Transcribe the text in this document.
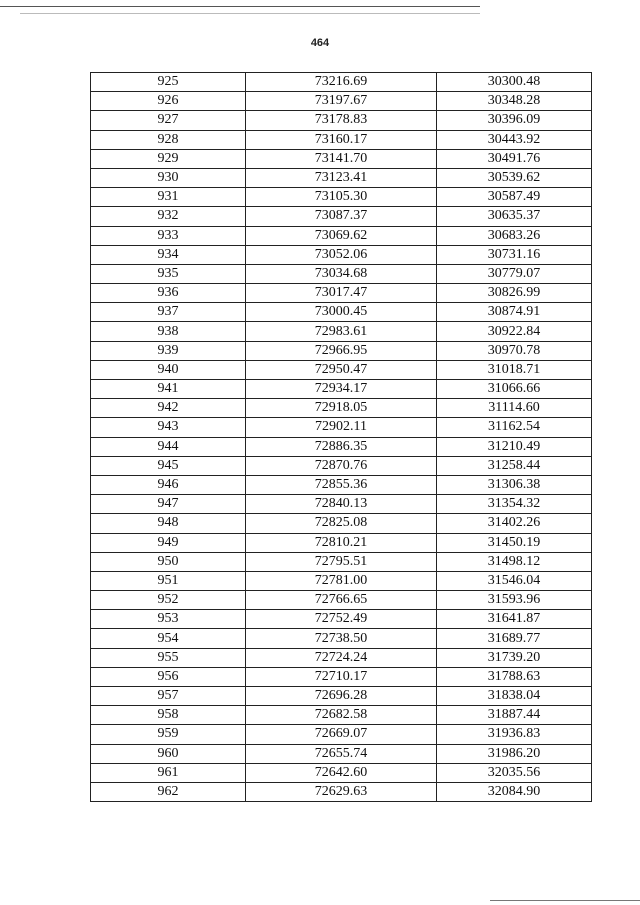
464
925	73216.69	30300.48
926	73197.67	30348.28
927	73178.83	30396.09
928	73160.17	30443.92
929	73141.70	30491.76
930	73123.41	30539.62
931	73105.30	30587.49
932	73087.37	30635.37
933	73069.62	30683.26
934	73052.06	30731.16
935	73034.68	30779.07
936	73017.47	30826.99
937	73000.45	30874.91
938	72983.61	30922.84
939	72966.95	30970.78
940	72950.47	31018.71
941	72934.17	31066.66
942	72918.05	31114.60
943	72902.11	31162.54
944	72886.35	31210.49
945	72870.76	31258.44
946	72855.36	31306.38
947	72840.13	31354.32
948	72825.08	31402.26
949	72810.21	31450.19
950	72795.51	31498.12
951	72781.00	31546.04
952	72766.65	31593.96
953	72752.49	31641.87
954	72738.50	31689.77
955	72724.24	31739.20
956	72710.17	31788.63
957	72696.28	31838.04
958	72682.58	31887.44
959	72669.07	31936.83
960	72655.74	31986.20
961	72642.60	32035.56
962	72629.63	32084.90
